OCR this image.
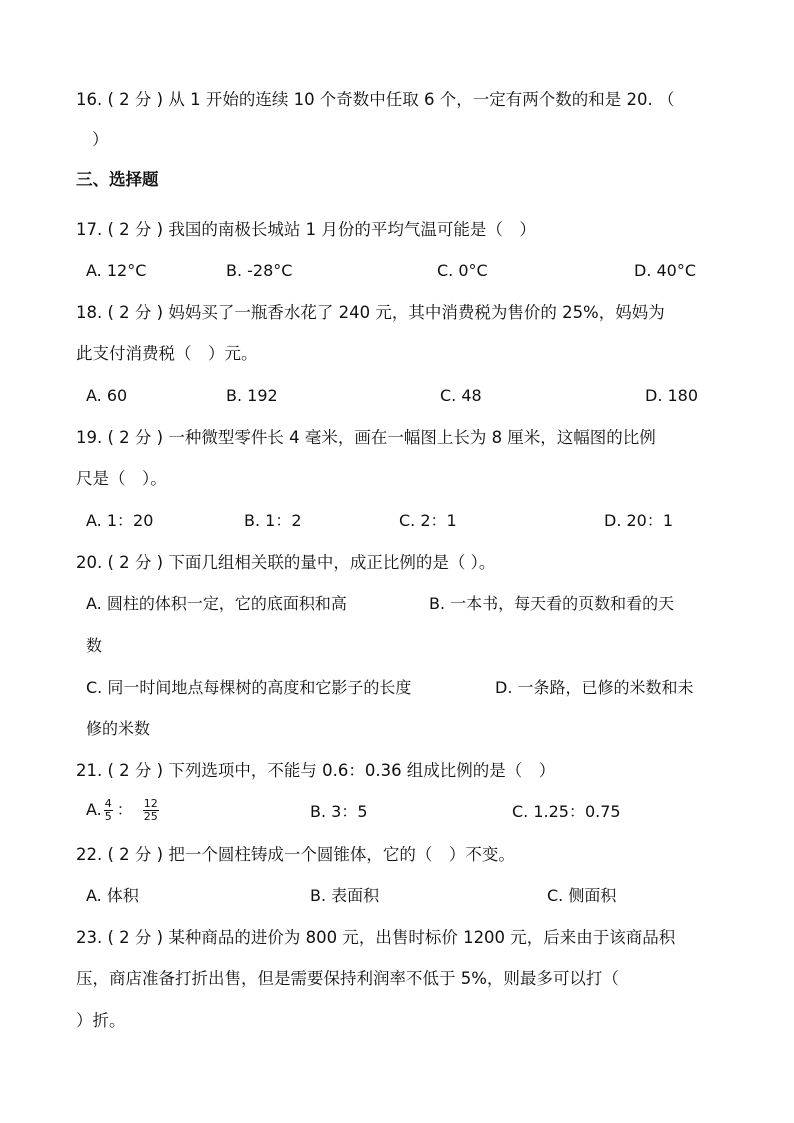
16. ( 2 分 ) 从 1 开始的连续 10 个奇数中任取 6 个，一定有两个数的和是 20. （
）
三、选择题
17. ( 2 分 ) 我国的南极长城站 1 月份的平均气温可能是（　）
A. 12°C	B. -28°C	C. 0°C	D. 40°C
18. ( 2 分 ) 妈妈买了一瓶香水花了 240 元，其中消费税为售价的 25%，妈妈为
此支付消费税（　）元。
A. 60	B. 192	C. 48	D. 180
19. ( 2 分 ) 一种微型零件长 4 毫米，画在一幅图上长为 8 厘米，这幅图的比例
尺是（　）。
A. 1：20	B. 1：2	C. 2：1	D. 20：1
20. ( 2 分 ) 下面几组相关联的量中，成正比例的是（ ）。
A. 圆柱的体积一定，它的底面积和高	B. 一本书，每天看的页数和看的天
数
C. 同一时间地点每棵树的高度和它影子的长度	D. 一条路，已修的米数和未
修的米数
21. ( 2 分 ) 下列选项中，不能与 0.6：0.36 组成比例的是（　）
A. $\frac{4}{5}$ ： $\frac{12}{25}$	B. 3：5	C. 1.25：0.75
22. ( 2 分 ) 把一个圆柱铸成一个圆锥体，它的（　）不变。
A. 体积	B. 表面积	C. 侧面积
23. ( 2 分 ) 某种商品的进价为 800 元，出售时标价 1200 元，后来由于该商品积
压，商店准备打折出售，但是需要保持利润率不低于 5%，则最多可以打（
）折。
